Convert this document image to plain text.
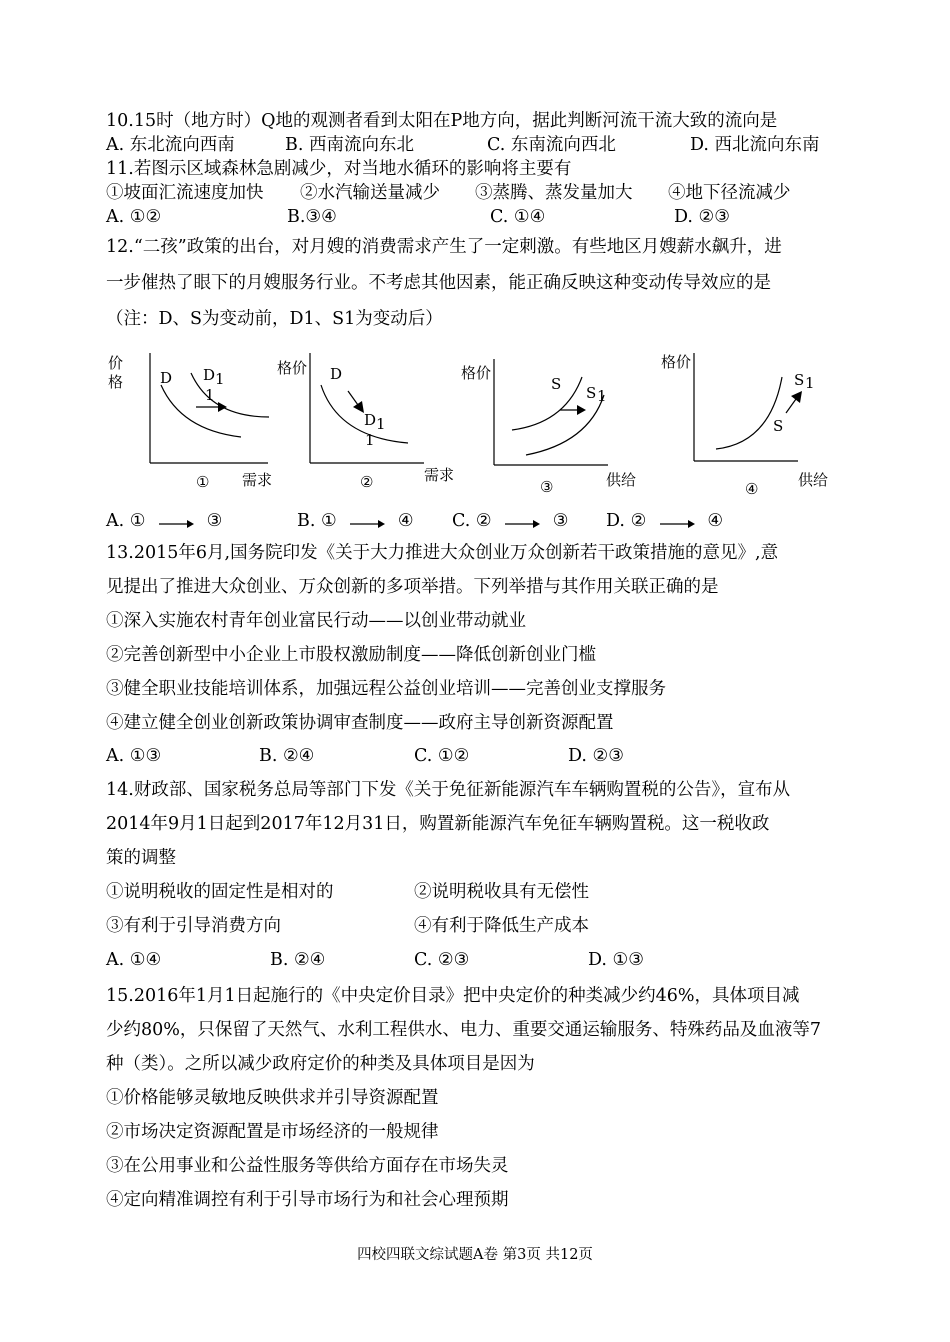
10.15时（地方时）Q地的观测者看到太阳在P地方向，据此判断河流干流大致的流向是
A. 东北流向西南	B. 西南流向东北	C. 东南流向西北	D. 西北流向东南
11.若图示区域森林急剧减少，对当地水循环的影响将主要有
①坡面汇流速度加快 ②水汽输送量减少 ③蒸腾、蒸发量加大 ④地下径流减少
A. ①②	B.③④	C. ①④	D. ②③
12.“二孩”政策的出台，对月嫂的消费需求产生了一定刺激。有些地区月嫂薪水飙升，进
一步催热了眼下的月嫂服务行业。不考虑其他因素，能正确反映这种变动传导效应的是
（注：D、S为变动前，D1、S1为变动后）
价
格 D D 1
1
① 需求
格价 D
D 1
1
②	需求
格价
S S 1
③	供给
格价
S
S 1
④	供给
A. ①	③	B. ①	④ C. ②	③ D. ②	④
13.2015年6月,国务院印发《关于大力推进大众创业万众创新若干政策措施的意见》,意
见提出了推进大众创业、万众创新的多项举措。下列举措与其作用关联正确的是
①深入实施农村青年创业富民行动——以创业带动就业
②完善创新型中小企业上市股权激励制度——降低创新创业门槛
③健全职业技能培训体系，加强远程公益创业培训——完善创业支撑服务
④建立健全创业创新政策协调审查制度——政府主导创新资源配置
A. ①③	B. ②④	C. ①②	D. ②③
14.财政部、国家税务总局等部门下发《关于免征新能源汽车车辆购置税的公告》，宣布从
2014年9月1日起到2017年12月31日，购置新能源汽车免征车辆购置税。这一税收政
策的调整
①说明税收的固定性是相对的	②说明税收具有无偿性
③有利于引导消费方向	④有利于降低生产成本
A. ①④	B. ②④	C. ②③	D. ①③
15.2016年1月1日起施行的《中央定价目录》把中央定价的种类减少约46%，具体项目减
少约80%，只保留了天然气、水利工程供水、电力、重要交通运输服务、特殊药品及血液等7
种（类）。之所以减少政府定价的种类及具体项目是因为
①价格能够灵敏地反映供求并引导资源配置
②市场决定资源配置是市场经济的一般规律
③在公用事业和公益性服务等供给方面存在市场失灵
④定向精准调控有利于引导市场行为和社会心理预期
四校四联文综试题A卷 第3页 共12页
